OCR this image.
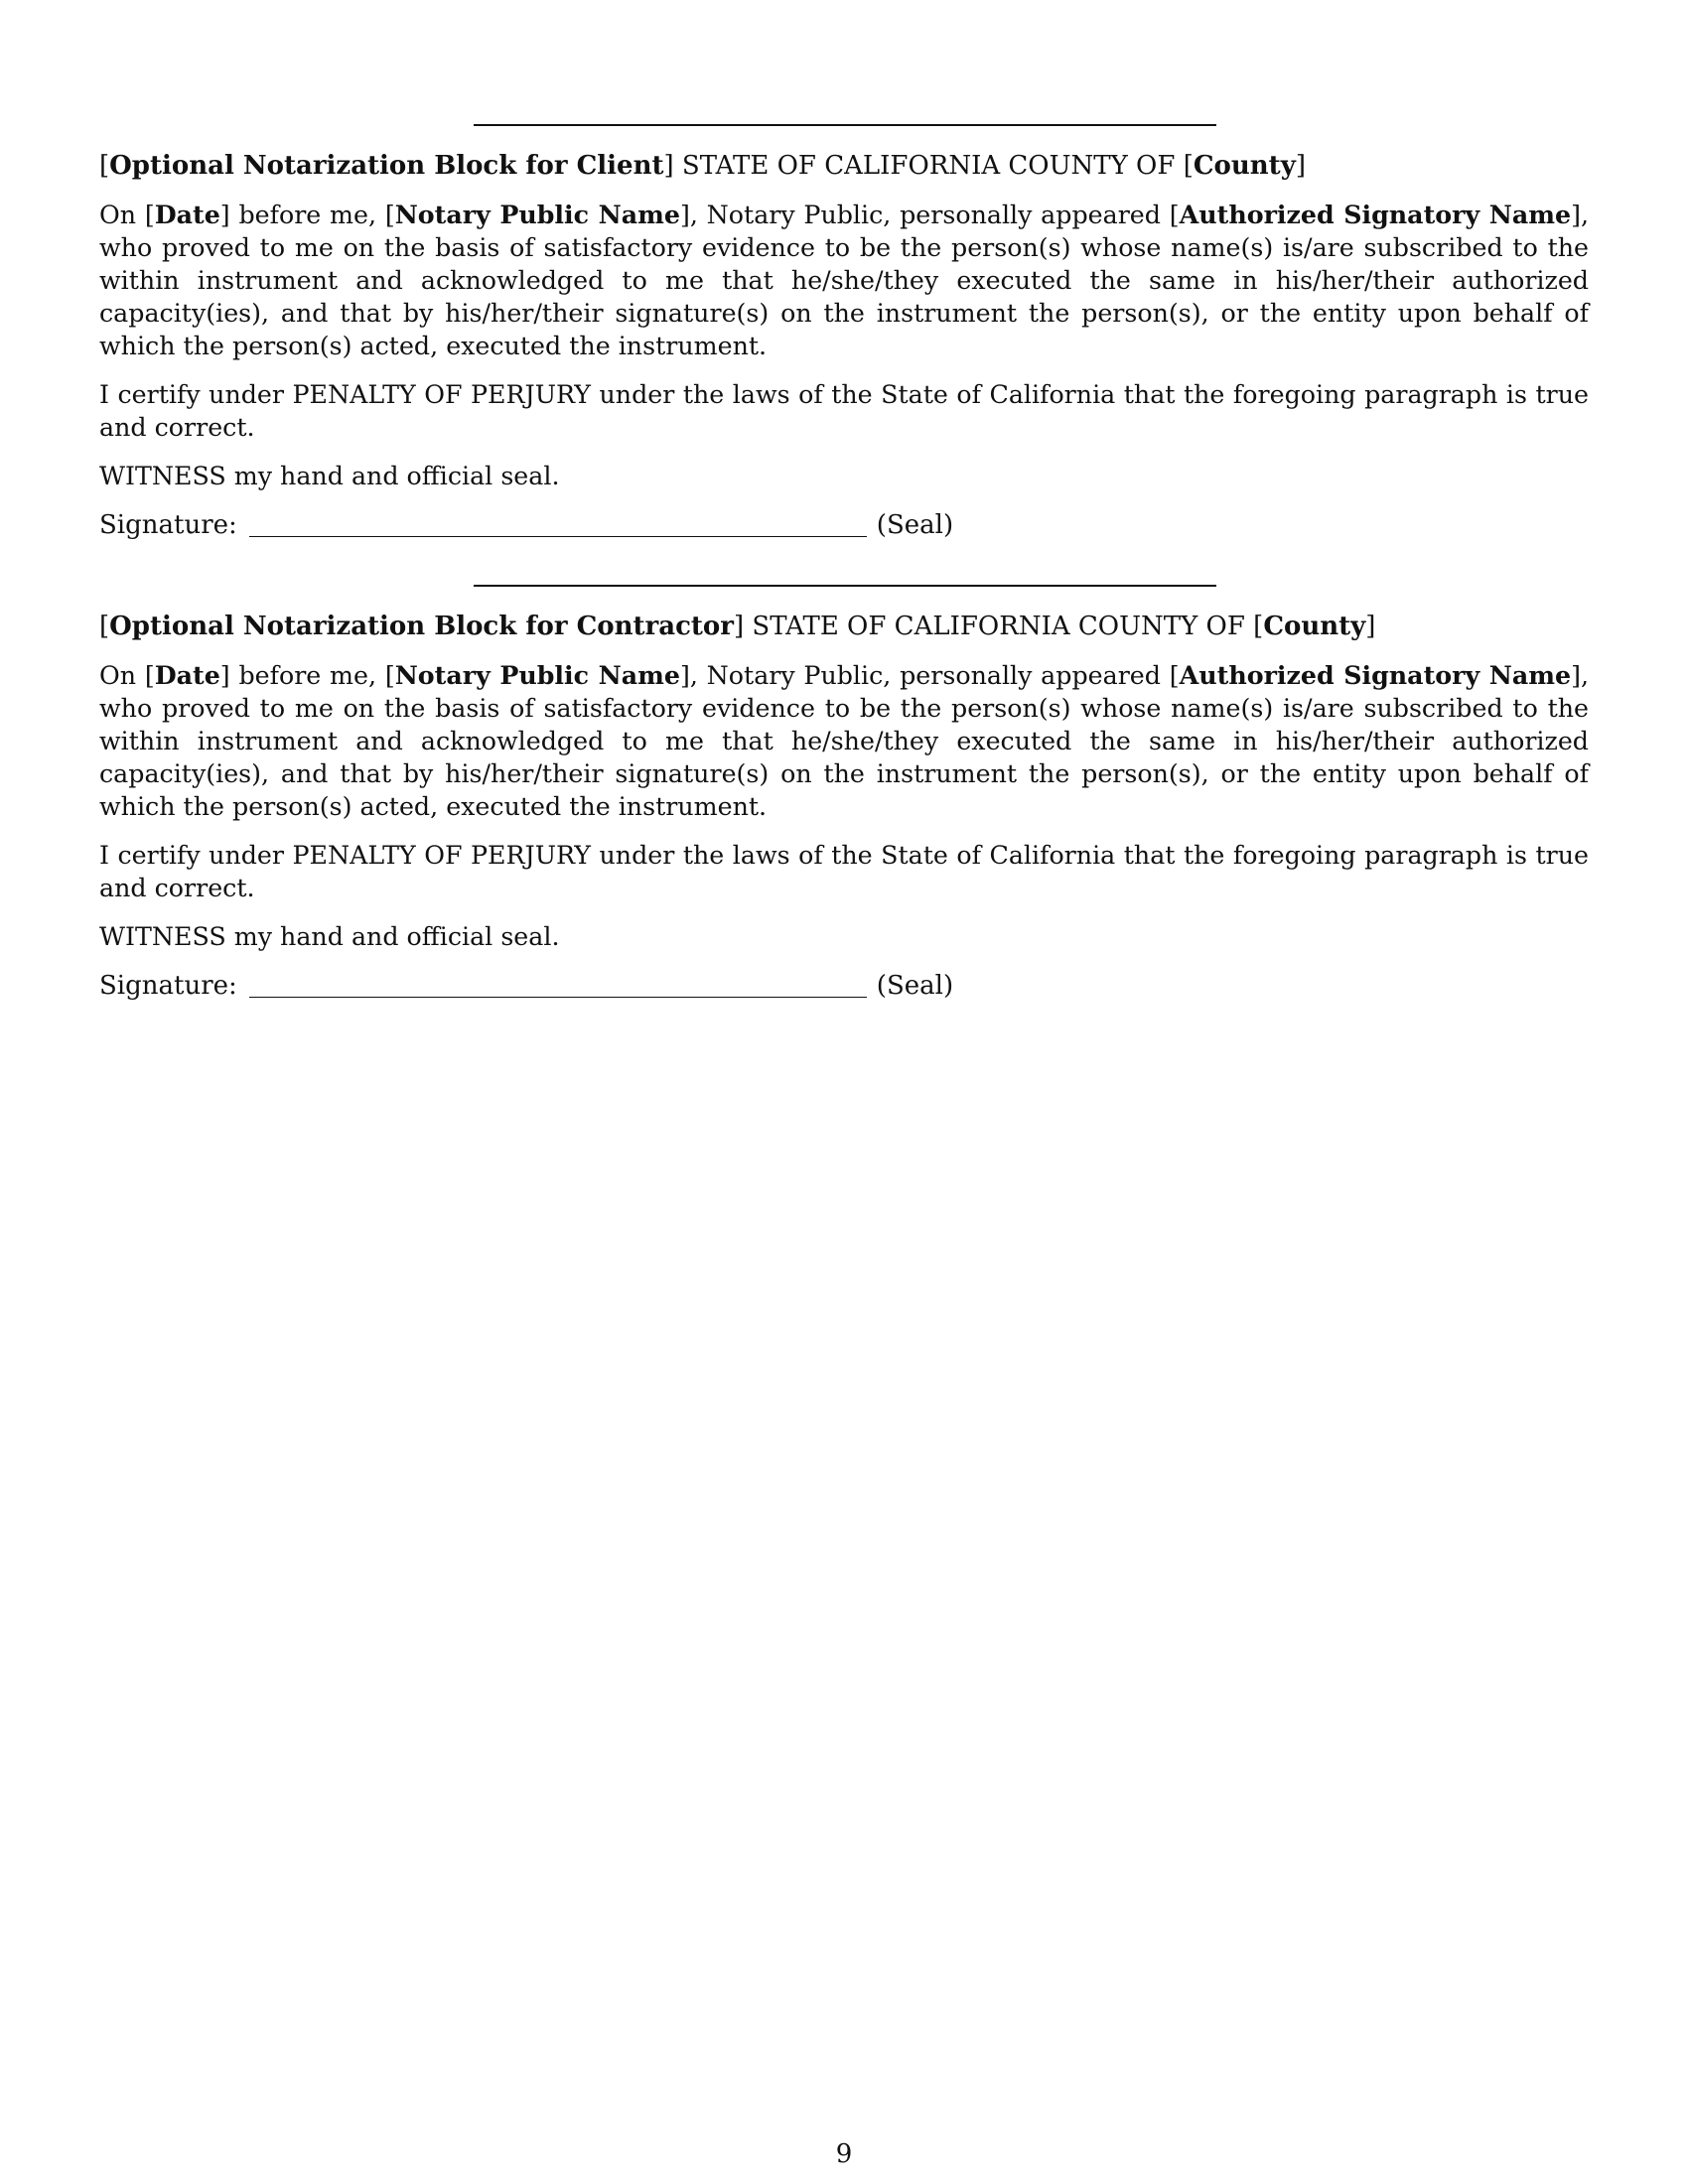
[Optional Notarization Block for Client] STATE OF CALIFORNIA COUNTY OF [County]

On [Date] before me, [Notary Public Name], Notary Public, personally appeared [Authorized Signatory Name], who proved to me on the basis of satisfactory evidence to be the person(s) whose name(s) is/are subscribed to the within instrument and acknowledged to me that he/she/they executed the same in his/her/their authorized capacity(ies), and that by his/her/their signature(s) on the instrument the person(s), or the entity upon behalf of which the person(s) acted, executed the instrument.

I certify under PENALTY OF PERJURY under the laws of the State of California that the foregoing paragraph is true and correct.

WITNESS my hand and official seal.

Signature:	(Seal)

[Optional Notarization Block for Contractor] STATE OF CALIFORNIA COUNTY OF [County]

On [Date] before me, [Notary Public Name], Notary Public, personally appeared [Authorized Signatory Name], who proved to me on the basis of satisfactory evidence to be the person(s) whose name(s) is/are subscribed to the within instrument and acknowledged to me that he/she/they executed the same in his/her/their authorized capacity(ies), and that by his/her/their signature(s) on the instrument the person(s), or the entity upon behalf of which the person(s) acted, executed the instrument.

I certify under PENALTY OF PERJURY under the laws of the State of California that the foregoing paragraph is true and correct.

WITNESS my hand and official seal.

Signature:	(Seal)
9
